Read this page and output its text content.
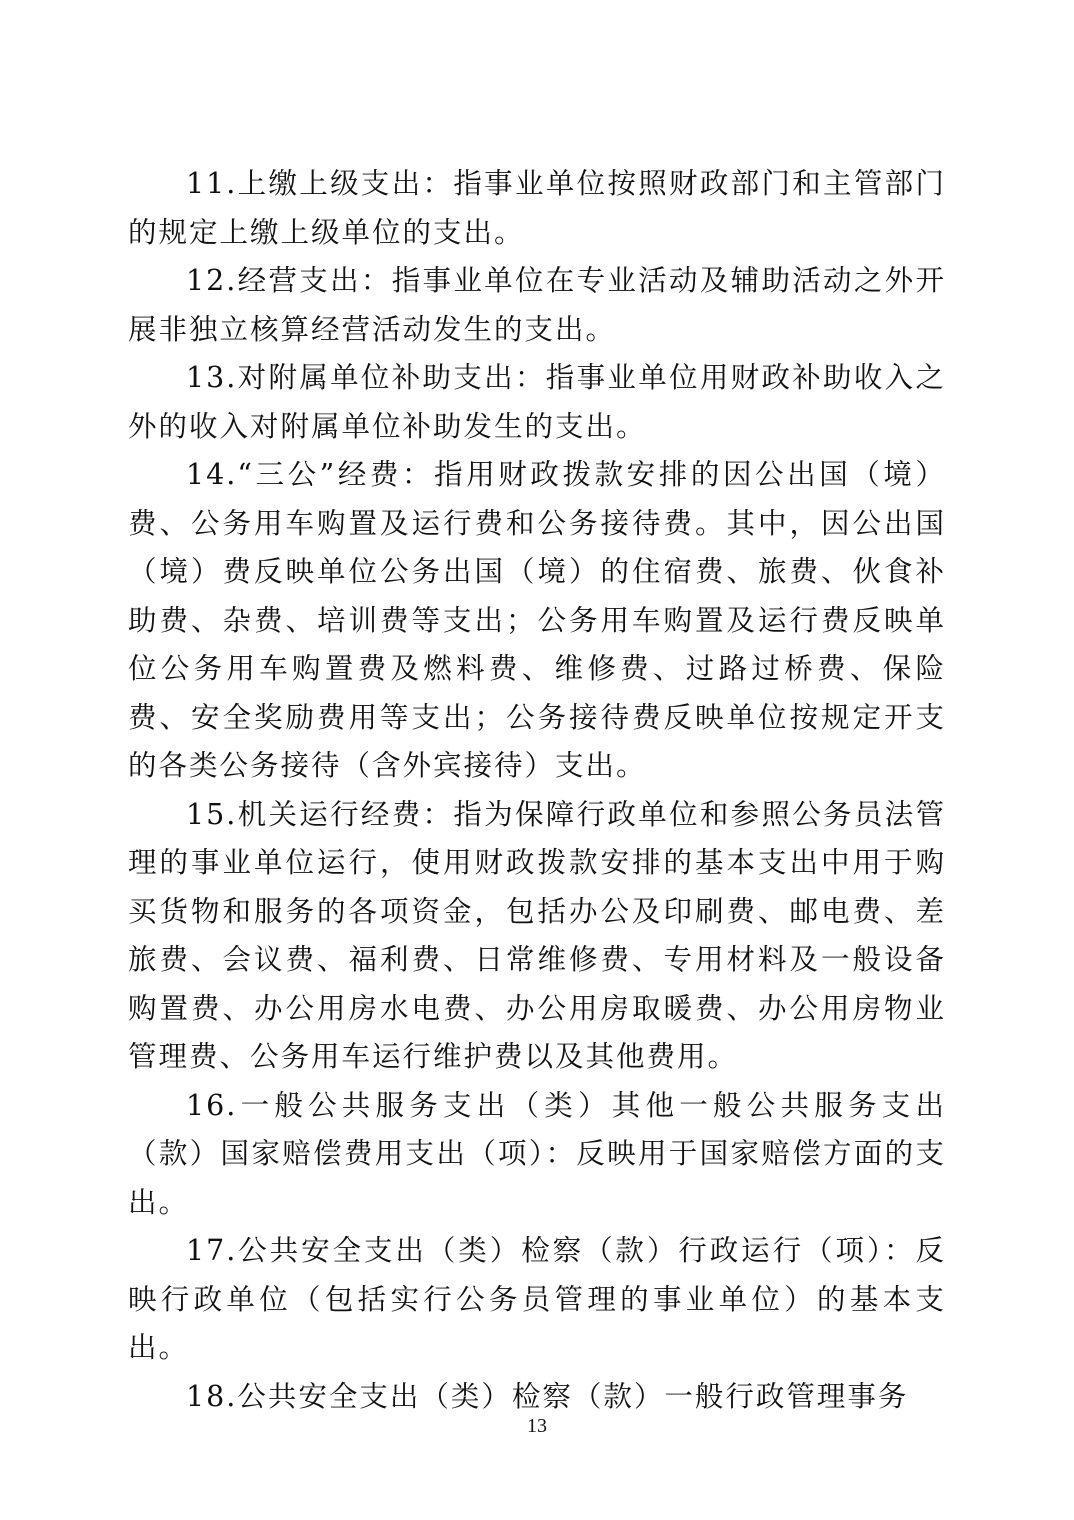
11.上缴上级支出：指事业单位按照财政部门和主管部门的规定上缴上级单位的支出。

12.经营支出：指事业单位在专业活动及辅助活动之外开展非独立核算经营活动发生的支出。

13.对附属单位补助支出：指事业单位用财政补助收入之外的收入对附属单位补助发生的支出。

14.“三公”经费：指用财政拨款安排的因公出国（境）费、公务用车购置及运行费和公务接待费。其中，因公出国（境）费反映单位公务出国（境）的住宿费、旅费、伙食补助费、杂费、培训费等支出；公务用车购置及运行费反映单位公务用车购置费及燃料费、维修费、过路过桥费、保险费、安全奖励费用等支出；公务接待费反映单位按规定开支的各类公务接待（含外宾接待）支出。

15.机关运行经费：指为保障行政单位和参照公务员法管理的事业单位运行，使用财政拨款安排的基本支出中用于购买货物和服务的各项资金，包括办公及印刷费、邮电费、差旅费、会议费、福利费、日常维修费、专用材料及一般设备购置费、办公用房水电费、办公用房取暖费、办公用房物业管理费、公务用车运行维护费以及其他费用。

16.一般公共服务支出（类）其他一般公共服务支出（款）国家赔偿费用支出（项）：反映用于国家赔偿方面的支出。

17.公共安全支出（类）检察（款）行政运行（项）：反映行政单位（包括实行公务员管理的事业单位）的基本支出。

18.公共安全支出（类）检察（款）一般行政管理事务

13
